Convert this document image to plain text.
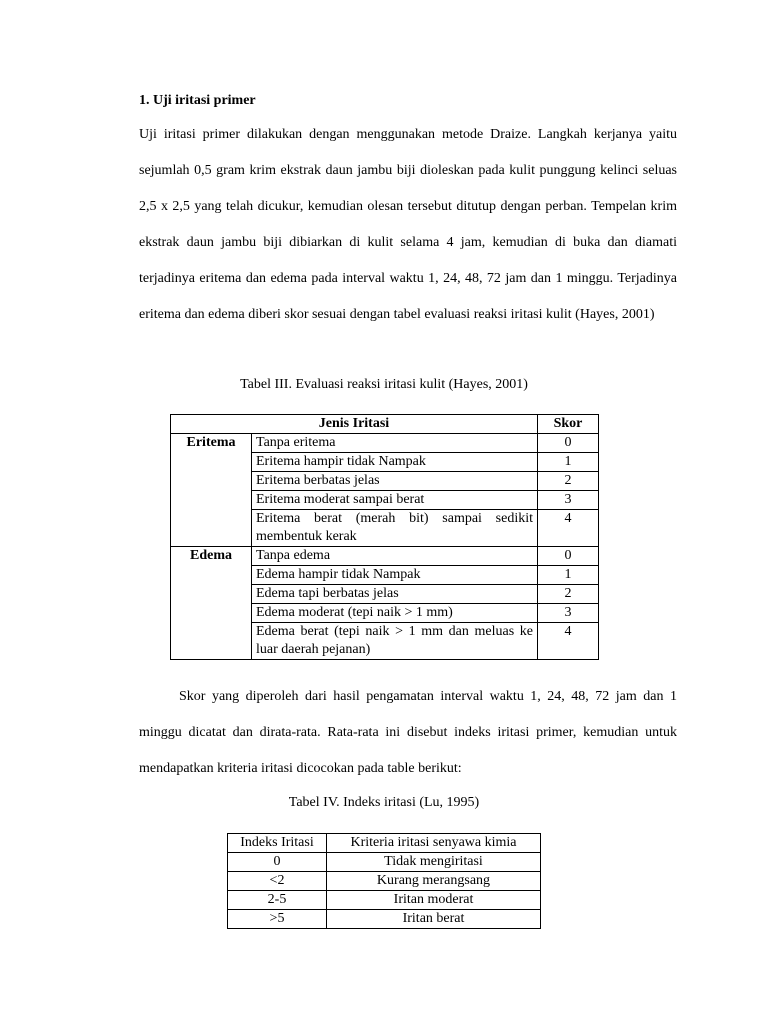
1. Uji iritasi primer

Uji iritasi primer dilakukan dengan menggunakan metode Draize. Langkah kerjanya yaitu sejumlah 0,5 gram krim ekstrak daun jambu biji dioleskan pada kulit punggung kelinci seluas 2,5 x 2,5 yang telah dicukur, kemudian olesan tersebut ditutup dengan perban. Tempelan krim ekstrak daun jambu biji dibiarkan di kulit selama 4 jam, kemudian di buka dan diamati terjadinya eritema dan edema pada interval waktu 1, 24, 48, 72 jam dan 1 minggu. Terjadinya eritema dan edema diberi skor sesuai dengan tabel evaluasi reaksi iritasi kulit (Hayes, 2001)

Tabel III. Evaluasi reaksi iritasi kulit (Hayes, 2001)
Jenis Iritasi		Skor
Eritema	Tanpa eritema	0
	Eritema hampir tidak Nampak	1
	Eritema berbatas jelas	2
	Eritema moderat sampai berat	3
	Eritema berat (merah bit) sampai sedikit membentuk kerak	4
Edema	Tanpa edema	0
	Edema hampir tidak Nampak	1
	Edema tapi berbatas jelas	2
	Edema moderat (tepi naik > 1 mm)	3
	Edema berat (tepi naik > 1 mm dan meluas ke luar daerah pejanan)	4

Skor yang diperoleh dari hasil pengamatan interval waktu 1, 24, 48, 72 jam dan 1 minggu dicatat dan dirata-rata. Rata-rata ini disebut indeks iritasi primer, kemudian untuk mendapatkan kriteria iritasi dicocokan pada table berikut:

Tabel IV. Indeks iritasi (Lu, 1995)
Indeks Iritasi	Kriteria iritasi senyawa kimia
0	Tidak mengiritasi
<2	Kurang merangsang
2-5	Iritan moderat
>5	Iritan berat
